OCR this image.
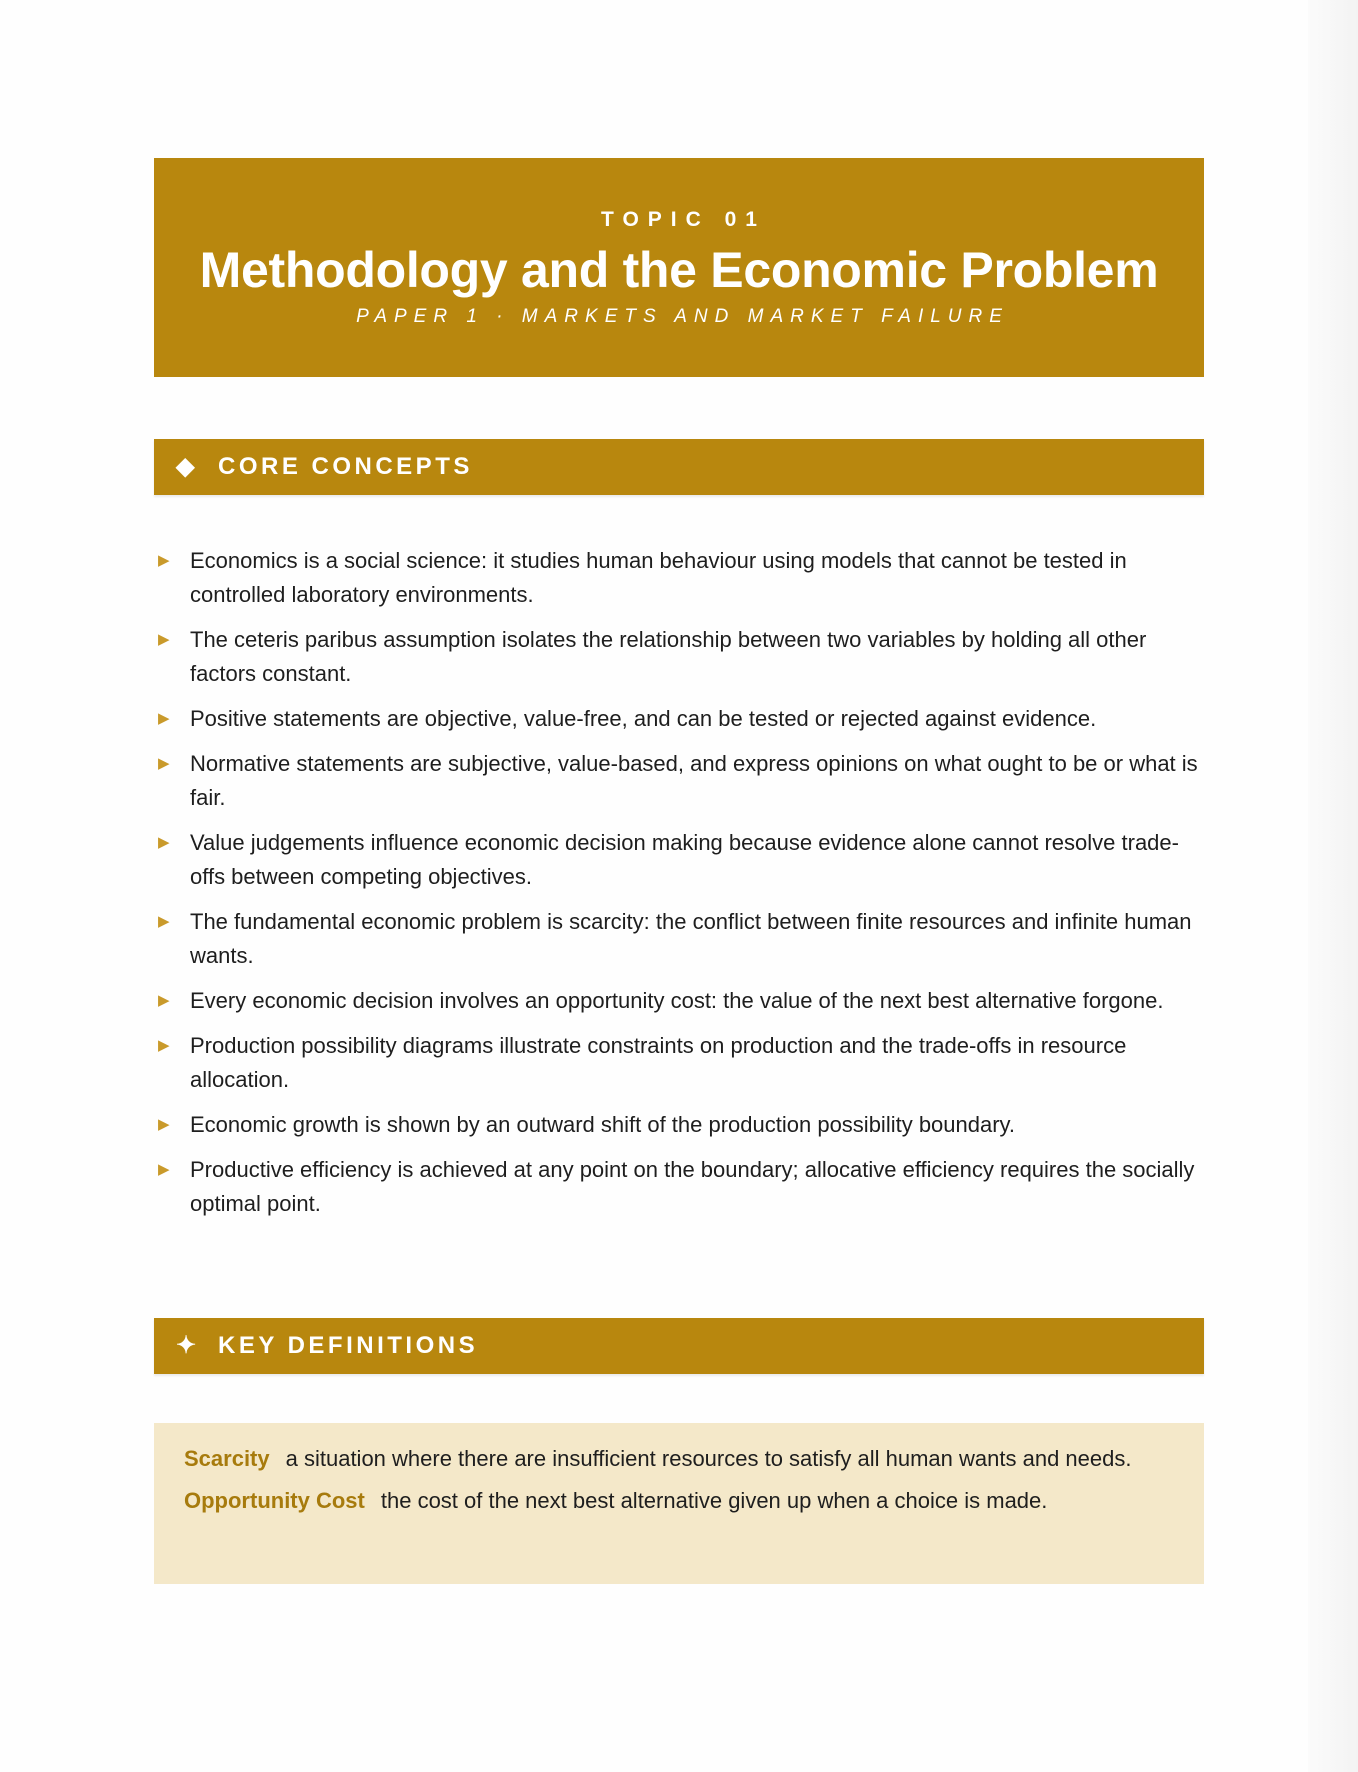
TOPIC 01
Methodology and the Economic Problem
PAPER 1 · MARKETS AND MARKET FAILURE
◆ CORE CONCEPTS
▶ Economics is a social science: it studies human behaviour using models that cannot be tested in controlled laboratory environments.
▶ The ceteris paribus assumption isolates the relationship between two variables by holding all other factors constant.
▶ Positive statements are objective, value-free, and can be tested or rejected against evidence.
▶ Normative statements are subjective, value-based, and express opinions on what ought to be or what is fair.
▶ Value judgements influence economic decision making because evidence alone cannot resolve trade-offs between competing objectives.
▶ The fundamental economic problem is scarcity: the conflict between finite resources and infinite human wants.
▶ Every economic decision involves an opportunity cost: the value of the next best alternative forgone.
▶ Production possibility diagrams illustrate constraints on production and the trade-offs in resource allocation.
▶ Economic growth is shown by an outward shift of the production possibility boundary.
▶ Productive efficiency is achieved at any point on the boundary; allocative efficiency requires the socially optimal point.
✦ KEY DEFINITIONS
Scarcity a situation where there are insufficient resources to satisfy all human wants and needs.
Opportunity Cost the cost of the next best alternative given up when a choice is made.
